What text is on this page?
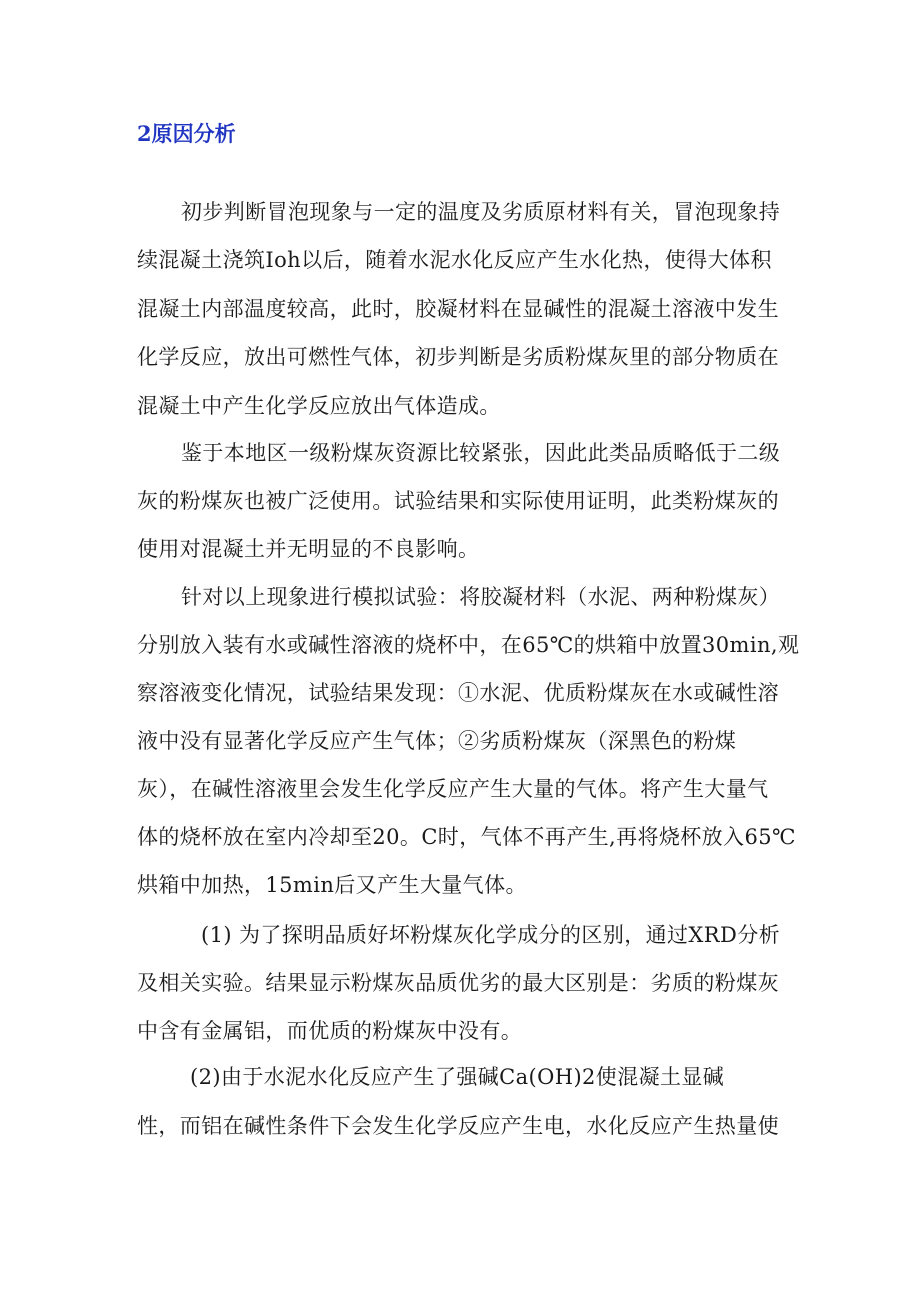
2原因分析
初步判断冒泡现象与一定的温度及劣质原材料有关，冒泡现象持
续混凝土浇筑Ioh以后，随着水泥水化反应产生水化热，使得大体积
混凝土内部温度较高，此时，胶凝材料在显碱性的混凝土溶液中发生
化学反应，放出可燃性气体，初步判断是劣质粉煤灰里的部分物质在
混凝土中产生化学反应放出气体造成。
鉴于本地区一级粉煤灰资源比较紧张，因此此类品质略低于二级
灰的粉煤灰也被广泛使用。试验结果和实际使用证明，此类粉煤灰的
使用对混凝土并无明显的不良影响。
针对以上现象进行模拟试验：将胶凝材料（水泥、两种粉煤灰）
分别放入装有水或碱性溶液的烧杯中，在65℃的烘箱中放置30min,观
察溶液变化情况，试验结果发现：①水泥、优质粉煤灰在水或碱性溶
液中没有显著化学反应产生气体；②劣质粉煤灰（深黑色的粉煤
灰），在碱性溶液里会发生化学反应产生大量的气体。将产生大量气
体的烧杯放在室内冷却至20。C时，气体不再产生,再将烧杯放入65℃
烘箱中加热，15min后又产生大量气体。
(1) 为了探明品质好坏粉煤灰化学成分的区别，通过XRD分析
及相关实验。结果显示粉煤灰品质优劣的最大区别是：劣质的粉煤灰
中含有金属铝，而优质的粉煤灰中没有。
(2)由于水泥水化反应产生了强碱Ca(OH)2使混凝土显碱
性，而铝在碱性条件下会发生化学反应产生电，水化反应产生热量使
